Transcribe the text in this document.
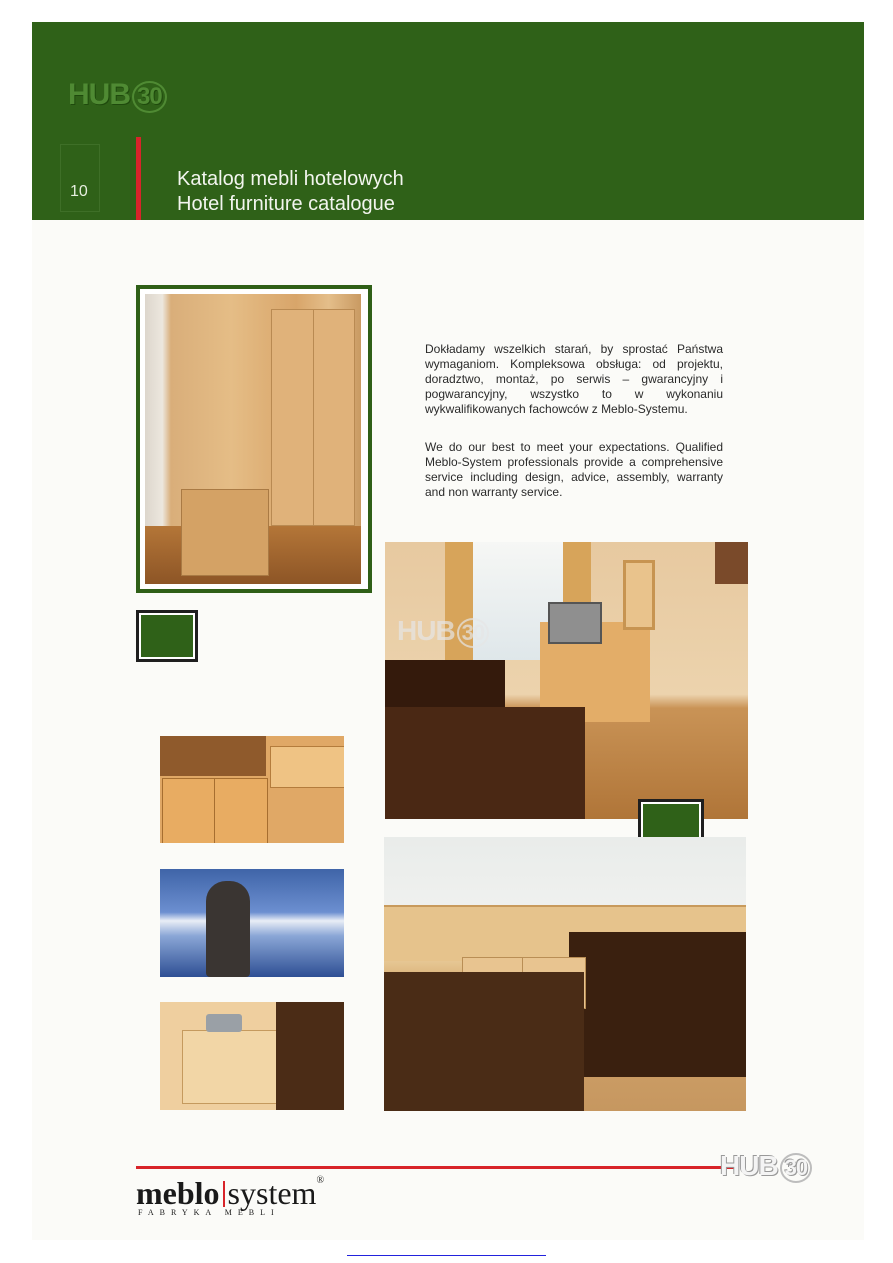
HUB 30
10
Katalog mebli hotelowych
Hotel furniture catalogue
Dokładamy wszelkich starań, by sprostać Państwa wymaganiom. Kompleksowa obsługa: od projektu, doradztwo, montaż, po serwis – gwarancyjny i pogwarancyjny, wszystko to w wykonaniu wykwalifikowanych fachowców z Meblo-Systemu.
We do our best to meet your expectations. Qualified Meblo-System professionals provide a comprehensive service including design, advice, assembly, warranty and non warranty service.
HUB 30
meblo system®
FABRYKA MEBLI
HUB 30
